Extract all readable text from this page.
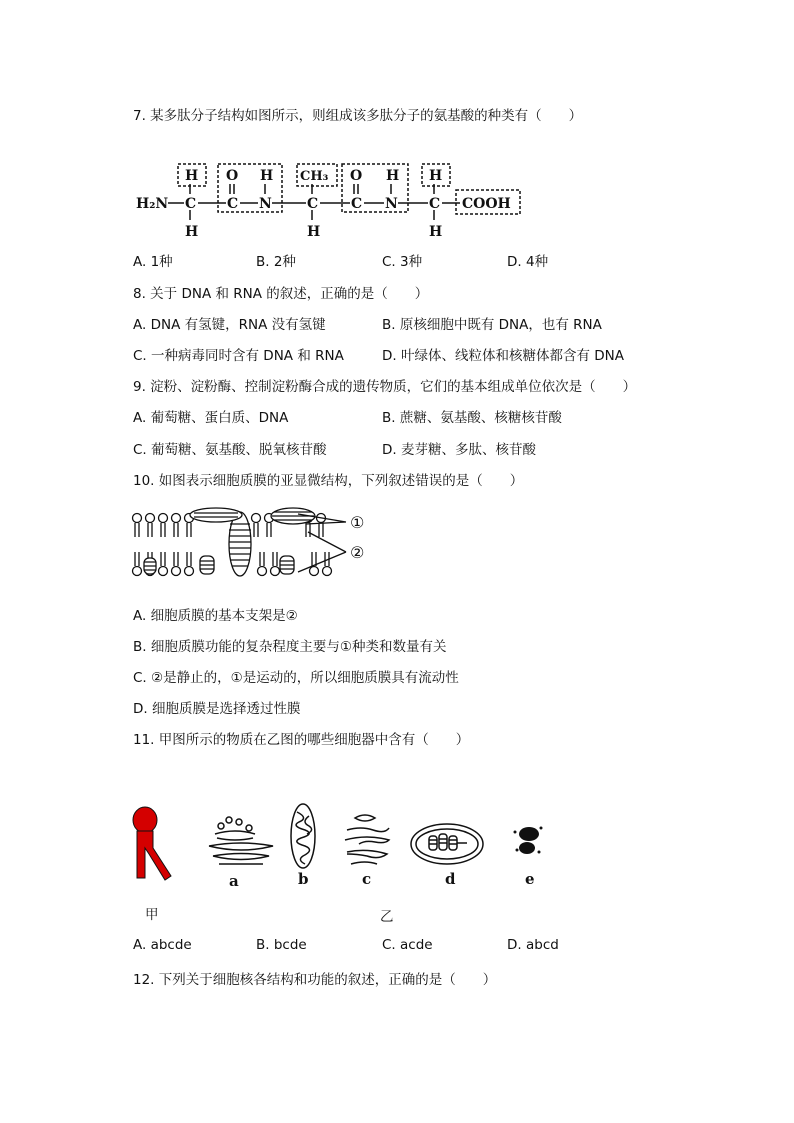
7. 某多肽分子结构如图所示，则组成该多肽分子的氨基酸的种类有（　　）
H₂N C
H
H
C
O
N
H
C
CH₃
H
C
O
N
H
C
H
H
COOH
A. 1种	B. 2种	C. 3种	D. 4种
8. 关于 DNA 和 RNA 的叙述，正确的是（　　）
A. DNA 有氢键，RNA 没有氢键	B. 原核细胞中既有 DNA，也有 RNA
C. 一种病毒同时含有 DNA 和 RNA	D. 叶绿体、线粒体和核糖体都含有 DNA
9. 淀粉、淀粉酶、控制淀粉酶合成的遗传物质，它们的基本组成单位依次是（　　）
A. 葡萄糖、蛋白质、DNA	B. 蔗糖、氨基酸、核糖核苷酸
C. 葡萄糖、氨基酸、脱氧核苷酸	D. 麦芽糖、多肽、核苷酸
10. 如图表示细胞质膜的亚显微结构，下列叙述错误的是（　　）
①
②
A. 细胞质膜的基本支架是②
B. 细胞质膜功能的复杂程度主要与①种类和数量有关
C. ②是静止的，①是运动的，所以细胞质膜具有流动性
D. 细胞质膜是选择透过性膜
11. 甲图所示的物质在乙图的哪些细胞器中含有（　　）
a	b	c	d	e
甲	乙
A. abcde	B. bcde	C. acde	D. abcd
12. 下列关于细胞核各结构和功能的叙述，正确的是（　　）
